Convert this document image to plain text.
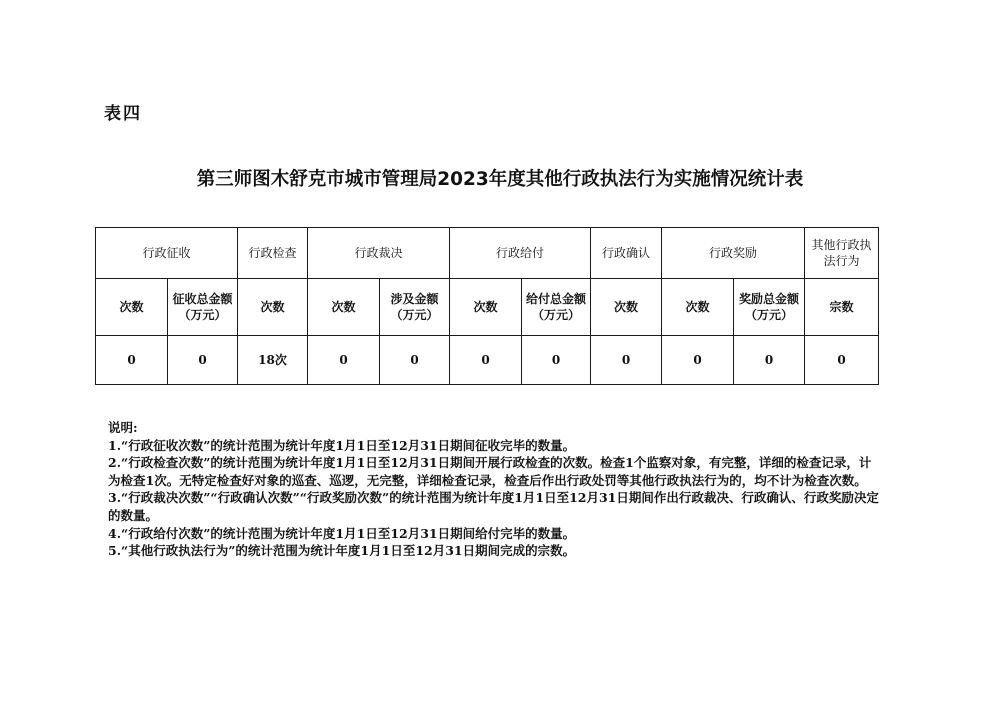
表四
第三师图木舒克市城市管理局2023年度其他行政执法行为实施情况统计表
行政征收		行政检查	行政裁决		行政给付		行政确认	行政奖励		其他行政执法行为
次数	征收总金额（万元）	次数	次数	涉及金额（万元）	次数	给付总金额（万元）	次数	次数	奖励总金额（万元）	宗数
0	0	18次	0	0	0	0	0	0	0	0

说明:

1.“行政征收次数”的统计范围为统计年度1月1日至12月31日期间征收完毕的数量。

2.“行政检查次数”的统计范围为统计年度1月1日至12月31日期间开展行政检查的次数。检查1个监察对象，有完整，详细的检查记录，计为检查1次。无特定检查好对象的巡查、巡逻，无完整，详细检查记录，检查后作出行政处罚等其他行政执法行为的，均不计为检查次数。

3.“行政裁决次数”“行政确认次数”“行政奖励次数”的统计范围为统计年度1月1日至12月31日期间作出行政裁决、行政确认、行政奖励决定的数量。

4.“行政给付次数”的统计范围为统计年度1月1日至12月31日期间给付完毕的数量。

5.“其他行政执法行为”的统计范围为统计年度1月1日至12月31日期间完成的宗数。
